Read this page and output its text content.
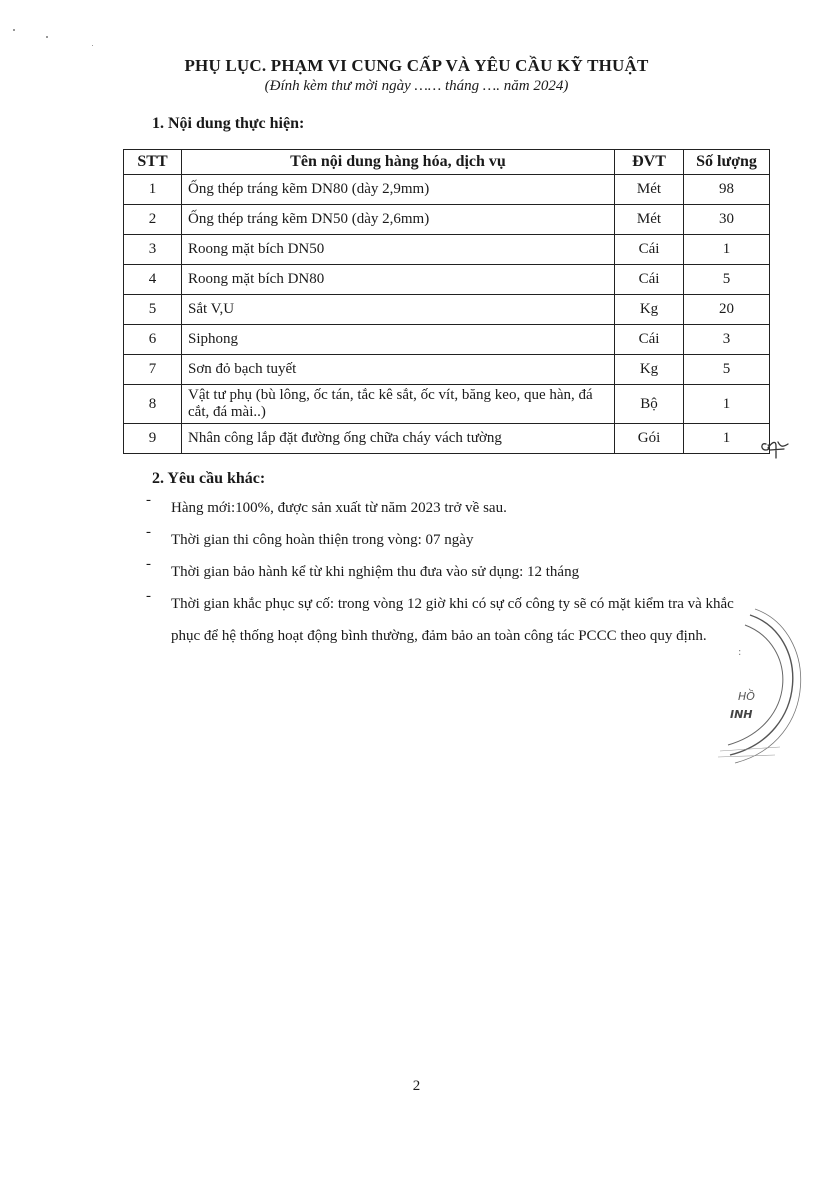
PHỤ LỤC. PHẠM VI CUNG CẤP VÀ YÊU CẦU KỸ THUẬT
(Đính kèm thư mời ngày …… tháng …. năm 2024)
1. Nội dung thực hiện:
STT	Tên nội dung hàng hóa, dịch vụ	ĐVT	Số lượng
1	Ống thép tráng kẽm DN80 (dày 2,9mm)	Mét	98
2	Ống thép tráng kẽm DN50 (dày 2,6mm)	Mét	30
3	Roong mặt bích DN50	Cái	1
4	Roong mặt bích DN80	Cái	5
5	Sắt V,U	Kg	20
6	Siphong	Cái	3
7	Sơn đỏ bạch tuyết	Kg	5
8	Vật tư phụ (bù lông, ốc tán, tắc kê sắt, ốc vít, băng keo, que hàn, đá cắt, đá mài..)	Bộ	1
9	Nhân công lắp đặt đường ống chữa cháy vách tường	Gói	1
2. Yêu cầu khác:
- Hàng mới:100%, được sản xuất từ năm 2023 trở về sau.
- Thời gian thi công hoàn thiện trong vòng: 07 ngày
- Thời gian bảo hành kể từ khi nghiệm thu đưa vào sử dụng: 12 tháng
- Thời gian khắc phục sự cố: trong vòng 12 giờ khi có sự cố công ty sẽ có mặt kiểm tra và khắc phục để hệ thống hoạt động bình thường, đảm bảo an toàn công tác PCCC theo quy định.
HỒ
INH
:
2
